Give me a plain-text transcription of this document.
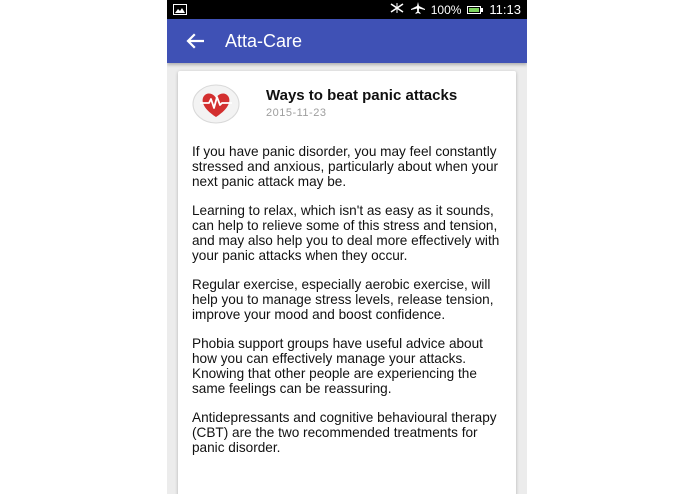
100% 11:13
Atta-Care
Ways to beat panic attacks
2015-11-23

If you have panic disorder, you may feel constantly stressed and anxious, particularly about when your next panic attack may be.

Learning to relax, which isn't as easy as it sounds, can help to relieve some of this stress and tension, and may also help you to deal more effectively with your panic attacks when they occur.

Regular exercise, especially aerobic exercise, will help you to manage stress levels, release tension, improve your mood and boost confidence.

Phobia support groups have useful advice about how you can effectively manage your attacks. Knowing that other people are experiencing the same feelings can be reassuring.

Antidepressants and cognitive behavioural therapy (CBT) are the two recommended treatments for panic disorder.
